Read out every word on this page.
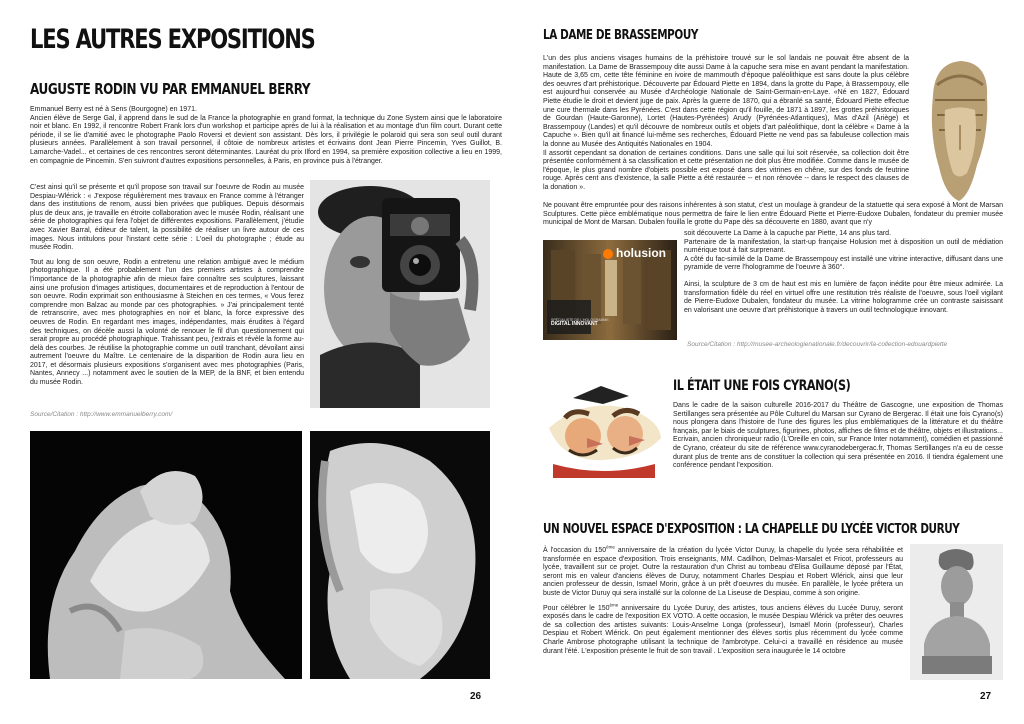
LES AUTRES EXPOSITIONS
AUGUSTE RODIN VU PAR EMMANUEL BERRY

Emmanuel Berry est né à Sens (Bourgogne) en 1971.

Ancien élève de Serge Gal, il apprend dans le sud de la France la photographie en grand format, la technique du Zone System ainsi que le laboratoire noir et blanc. En 1992, il rencontre Robert Frank lors d'un workshop et participe après de lui à la réalisation et au montage d'un film court. Durant cette période, il se lie d'amitié avec le photographe Paolo Roversi et devient son assistant. Dès lors, il privilégie le polaroid qui sera son seul outil durant plusieurs années. Parallèlement à son travail personnel, il côtoie de nombreux artistes et écrivains dont Jean Pierre Pincemin, Yves Guillot, B. Lamarche-Vadel... et certaines de ces rencontres seront déterminantes. Lauréat du prix Ilford en 1994, sa première exposition collective a lieu en 1999, en compagnie de Pincemin. S'en suivront d'autres expositions personnelles, à Paris, en province puis à l'étranger.

C'est ainsi qu'il se présente et qu'il propose son travail sur l'oeuvre de Rodin au musée Despiau-Wlérick : « J'expose régulièrement mes travaux en France comme à l'étranger dans des institutions de renom, aussi bien privées que publiques. Depuis désormais plus de deux ans, je travaille en étroite collaboration avec le musée Rodin, réalisant une série de photographies qui fera l'objet de différentes expositions. Parallèlement, j'étudie avec Xavier Barral, éditeur de talent, la possibilité de réaliser un livre autour de ces images. Nous intitulons pour l'instant cette série : L'oeil du photographe ; étude au musée Rodin.

Tout au long de son oeuvre, Rodin a entretenu une relation ambiguë avec le médium photographique. Il a été probablement l'un des premiers artistes à comprendre l'importance de la photographie afin de mieux faire connaître ses sculptures, laissant ainsi une profusion d'images artistiques, documentaires et de reproduction à l'entour de son oeuvre. Rodin exprimait son enthousiasme à Steichen en ces termes, « Vous ferez comprendre mon Balzac au monde par ces photographies. » J'ai principalement tenté de retranscrire, avec mes photographies en noir et blanc, la force expressive des oeuvres de Rodin. En regardant mes images, indépendantes, mais érudites à l'égard des techniques, on décèle aussi la volonté de renouer le fil d'un questionnement qui serait propre au procédé photographique. Trahissant peu, j'extrais et révèle la forme au-delà des courbes. Je réutilise la photographie comme un outil tranchant, dévoilant ainsi autrement l'oeuvre du Maître. Le centenaire de la disparition de Rodin aura lieu en 2017, et désormais plusieurs expositions s'organisent avec mes photographies (Paris, Nantes, Annecy ...) notamment avec le soutien de la MEP, de la BNF, et bien entendu du musée Rodin.

Source/Citation : http://www.emmanuelberry.com/
26
LA DAME DE BRASSEMPOUY

L'un des plus anciens visages humains de la préhistoire trouvé sur le sol landais ne pouvait être absent de la manifestation. La Dame de Brassempouy dite aussi Dame à la capuche sera mise en avant pendant la manifestation. Haute de 3,65 cm, cette tête féminine en ivoire de mammouth d'époque paléolithique est sans doute la plus célèbre des oeuvres d'art préhistorique. Découverte par Édouard Piette en 1894, dans la grotte du Pape, à Brassempouy, elle est aujourd'hui conservée au Musée d'Archéologie Nationale de Saint-Germain-en-Laye. «Né en 1827, Édouard Piette étudie le droit et devient juge de paix. Après la guerre de 1870, qui a ébranlé sa santé, Édouard Piette effectue une cure thermale dans les Pyrénées. C'est dans cette région qu'il fouille, de 1871 à 1897, les grottes préhistoriques de Gourdan (Haute-Garonne), Lortet (Hautes-Pyrénées) Arudy (Pyrénées-Atlantiques), Mas d'Azil (Ariège) et Brassempouy (Landes) et qu'il découvre de nombreux outils et objets d'art paléolithique, dont la célèbre « Dame à la Capuche ». Bien qu'il ait financé lui-même ses recherches, Édouard Piette ne vend pas sa fabuleuse collection mais la donne au Musée des Antiquités Nationales en 1904.

Il assortit cependant sa donation de certaines conditions. Dans une salle qui lui soit réservée, sa collection doit être présentée conformément à sa classification et cette présentation ne doit plus être modifiée. Comme dans le musée de l'époque, le plus grand nombre d'objets possible est exposé dans des vitrines en chêne, sur des fonds de feutrine rouge. Après cent ans d'existence, la salle Piette a été restaurée -- et non rénovée -- dans le respect des clauses de la donation ».

Ne pouvant être empruntée pour des raisons inhérentes à son statut, c'est un moulage à grandeur de la statuette qui sera exposé à Mont de Marsan Sculptures. Cette pièce emblématique nous permettra de faire le lien entre Édouard Piette et Pierre-Eudoxe Dubalen, fondateur du premier musée municipal de Mont de Marsan. Dubalen fouilla le grotte du Pape dès sa découverte en 1880, avant que n'y

soit découverte La Dame à la capuche par Piette, 14 ans plus tard.

Partenaire de la manifestation, la start-up française Holusion met à disposition un outil de médiation numérique tout à fait surprenant.

A côté du fac-similé de la Dame de Brassempouy est installé une vitrine interactive, diffusant dans une pyramide de verre l'hologramme de l'oeuvre à 360°.

Ainsi, la sculpture de 3 cm de haut est mis en lumière de façon inédite pour être mieux admirée. La transformation fidèle du réel en virtuel offre une restitution très réaliste de l'oeuvre, sous l'oeil vigilant de Pierre-Eudoxe Dubalen, fondateur du musée. La vitrine hologramme crée un contraste saisissant en valorisant une oeuvre d'art préhistorique à travers un outil technologique innovant.

holusion
SPÉCIALISTE DE L'HOLOGRAMME
DIGITAL INNOVANT
Source/Citation : http://musee-archeologienationale.fr/decouvrir/la-collection-edouardpiette
IL ÉTAIT UNE FOIS CYRANO(S)

Dans le cadre de la saison culturelle 2016-2017 du Théâtre de Gascogne, une exposition de Thomas Sertillanges sera présentée au Pôle Culturel du Marsan sur Cyrano de Bergerac. Il était une fois Cyrano(s) nous plongera dans l'histoire de l'une des figures les plus emblématiques de la littérature et du théâtre français, par le biais de sculptures, figurines, photos, affiches de films et de théâtre, objets et illustrations... Ecrivain, ancien chroniqueur radio (L'Oreille en coin, sur France Inter notamment), comédien et passionné de Cyrano, créateur du site de référence www.cyranodebergerac.fr, Thomas Sertillanges n'a eu de cesse durant plus de trente ans de constituer la collection qui sera présentée en 2016. Il tiendra également une conférence pendant l'exposition.

UN NOUVEL ESPACE D'EXPOSITION : LA CHAPELLE DU LYCÉE VICTOR DURUY

À l'occasion du 150ème anniversaire de la création du lycée Victor Duruy, la chapelle du lycée sera réhabilitée et transformée en espace d'exposition. Trois enseignants, MM. Cadilhon, Delmas-Marsalet et Fricot, professeurs au lycée, travaillent sur ce projet. Outre la restauration d'un Christ au tombeau d'Elisa Guillaume déposé par l'État, seront mis en valeur d'anciens élèves de Duruy, notamment Charles Despiau et Robert Wlérick, ainsi que leur ancien professeur de dessin, Ismael Morin, grâce à un prêt d'oeuvres du musée. En parallèle, le lycée prêtera un buste de Victor Duruy qui sera installé sur la colonne de La Liseuse de Despiau, comme à son origine.

Pour célébrer le 150ème anniversaire du Lycée Duruy, des artistes, tous anciens élèves du Lucée Duruy, seront exposés dans le cadre de l'exposition EX VOTO. A cette occasion, le musée Despiau Wlérick va prêter des oeuvres de sa collection des artistes suivants: Louis-Anselme Longa (professeur), Ismaël Morin (professeur), Charles Despiau et Robert Wlérick. On peut également mentionner des élèves sortis plus récemment du lycée comme Charle Ambrose photographe utilisant la technique de l'ambrotype. Celui-ci a travaillé en résidence au musée durant l'été. L'exposition présente le fruit de son travail . L'exposition sera inaugurée le 14 octobre

27
